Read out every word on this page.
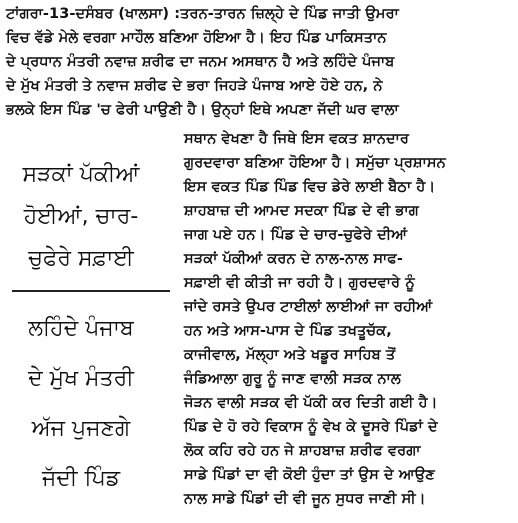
ਟਾਂਗਰਾ-13-ਦਸੰਬਰ (ਖਾਲਸਾ) :ਤਰਨ-ਤਾਰਨ ਜ਼ਿਲ੍ਹੇ ਦੇ ਪਿੰਡ ਜਾਤੀ ਉਮਰਾ
ਵਿਚ ਵੱਡੇ ਮੇਲੇ ਵਰਗਾ ਮਾਹੌਲ ਬਣਿਆ ਹੋਇਆ ਹੈ। ਇਹ ਪਿੰਡ ਪਾਕਿਸਤਾਨ
ਦੇ ਪ੍ਰਧਾਨ ਮੰਤਰੀ ਨਵਾਜ਼ ਸ਼ਰੀਫ ਦਾ ਜਨਮ ਅਸਥਾਨ ਹੈ ਅਤੇ ਲਹਿੰਦੇ ਪੰਜਾਬ
ਦੇ ਮੁੱਖ ਮੰਤਰੀ ਤੇ ਨਵਾਜ ਸ਼ਰੀਫ ਦੇ ਭਰਾ ਜਿਹੜੇ ਪੰਜਾਬ ਆਏ ਹੋਏ ਹਨ, ਨੇ
ਭਲਕੇ ਇਸ ਪਿੰਡ 'ਚ ਫੇਰੀ ਪਾਉਣੀ ਹੈ। ਉਨ੍ਹਾਂ ਇਥੇ ਅਪਣਾ ਜੱਦੀ ਘਰ ਵਾਲਾ
ਸੜਕਾਂ ਪੱਕੀਆਂ
ਹੋਈਆਂ, ਚਾਰ-
ਚੁਫੇਰੇ ਸਫ਼ਾਈ
ਲਹਿੰਦੇ ਪੰਜਾਬ
ਦੇ ਮੁੱਖ ਮੰਤਰੀ
ਅੱਜ ਪੁਜਣਗੇ
ਜੱਦੀ ਪਿੰਡ
ਸਥਾਨ ਵੇਖਣਾ ਹੈ ਜਿਥੇ ਇਸ ਵਕਤ ਸ਼ਾਨਦਾਰ
ਗੁਰਦਵਾਰਾ ਬਣਿਆ ਹੋਇਆ ਹੈ। ਸਮੁੱਚਾ ਪ੍ਰਸ਼ਾਸਨ
ਇਸ ਵਕਤ ਪਿੰਡ ਪਿੰਡ ਵਿਚ ਡੇਰੇ ਲਾਈ ਬੈਠਾ ਹੈ।
ਸ਼ਾਹਬਾਜ਼ ਦੀ ਆਮਦ ਸਦਕਾ ਪਿੰਡ ਦੇ ਵੀ ਭਾਗ
ਜਾਗ ਪਏ ਹਨ। ਪਿੰਡ ਦੇ ਚਾਰ-ਚੁਫੇਰੇ ਦੀਆਂ
ਸੜਕਾਂ ਪੱਕੀਆਂ ਕਰਨ ਦੇ ਨਾਲ-ਨਾਲ ਸਾਫ-
ਸਫ਼ਾਈ ਵੀ ਕੀਤੀ ਜਾ ਰਹੀ ਹੈ। ਗੁਰਦਵਾਰੇ ਨੂੰ
ਜਾਂਦੇ ਰਸਤੇ ਉਪਰ ਟਾਈਲਾਂ ਲਾਈਆਂ ਜਾ ਰਹੀਆਂ
ਹਨ ਅਤੇ ਆਸ-ਪਾਸ ਦੇ ਪਿੰਡ ਤਖਤੂਚੱਕ,
ਕਾਜੀਵਾਲ, ਮੱਲ੍ਹਾ ਅਤੇ ਖਡੂਰ ਸਾਹਿਬ ਤੋਂ
ਜੰਡਿਆਲਾ ਗੁਰੂ ਨੂੰ ਜਾਣ ਵਾਲੀ ਸੜਕ ਨਾਲ
ਜੋੜਨ ਵਾਲੀ ਸੜਕ ਵੀ ਪੱਕੀ ਕਰ ਦਿਤੀ ਗਈ ਹੈ।
ਪਿੰਡ ਦੇ ਹੋ ਰਹੇ ਵਿਕਾਸ ਨੂੰ ਵੇਖ ਕੇ ਦੂਸਰੇ ਪਿੰਡਾਂ ਦੇ
ਲੋਕ ਕਹਿ ਰਹੇ ਹਨ ਜੇ ਸ਼ਾਹਬਾਜ਼ ਸ਼ਰੀਫ ਵਰਗਾ
ਸਾਡੇ ਪਿੰਡਾਂ ਦਾ ਵੀ ਕੋਈ ਹੁੰਦਾ ਤਾਂ ਉਸ ਦੇ ਆਉਣ
ਨਾਲ ਸਾਡੇ ਪਿੰਡਾਂ ਦੀ ਵੀ ਜੂਨ ਸੁਧਰ ਜਾਣੀ ਸੀ।
